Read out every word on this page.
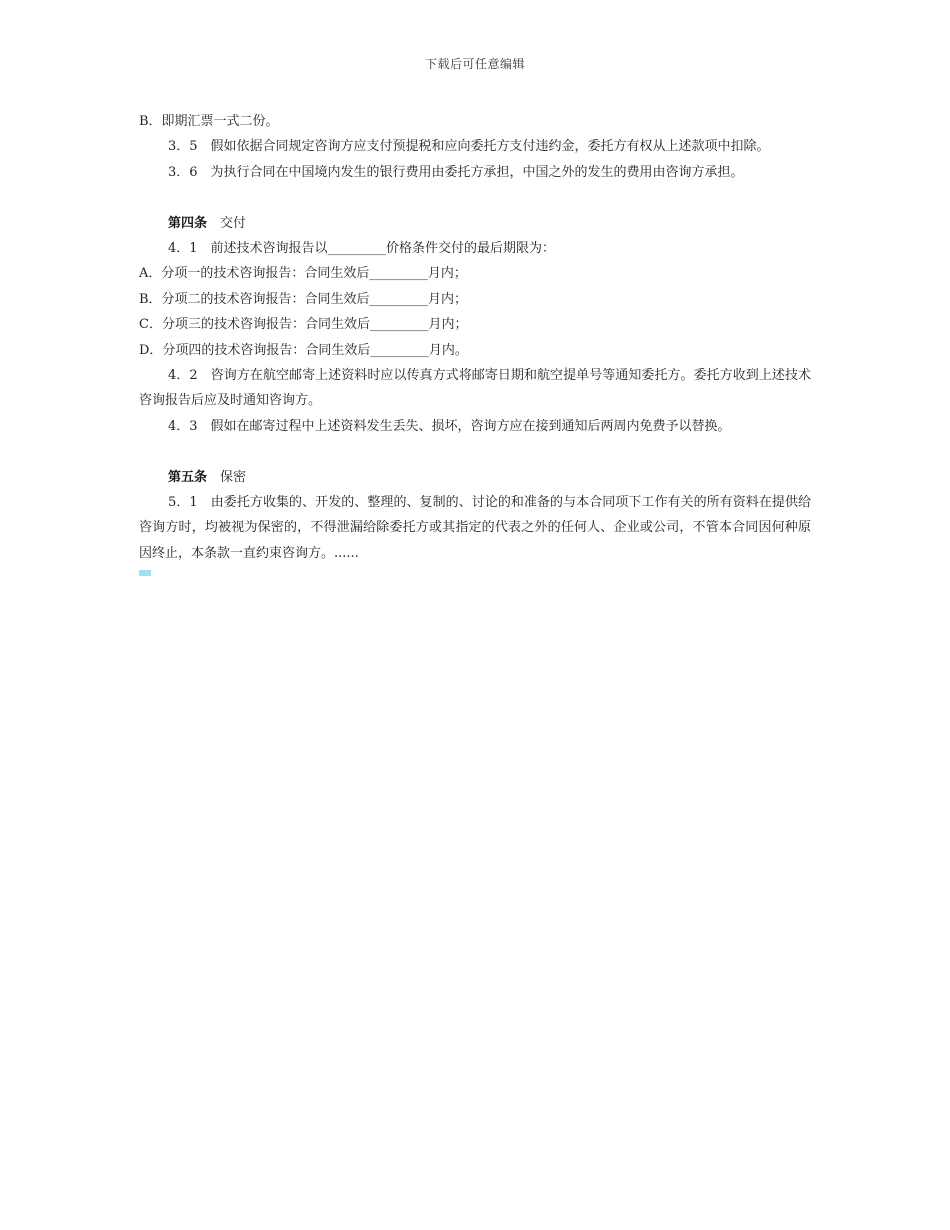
下载后可任意编辑

B．即期汇票一式二份。

3．5　假如依据合同规定咨询方应支付预提税和应向委托方支付违约金，委托方有权从上述款项中扣除。

3．6　为执行合同在中国境内发生的银行费用由委托方承担，中国之外的发生的费用由咨询方承担。

第四条　 交付

4．1　前述技术咨询报告以_________价格条件交付的最后期限为：

A．分项一的技术咨询报告：合同生效后_________月内；

B．分项二的技术咨询报告：合同生效后_________月内；

C．分项三的技术咨询报告：合同生效后_________月内；

D．分项四的技术咨询报告：合同生效后_________月内。

4．2　咨询方在航空邮寄上述资料时应以传真方式将邮寄日期和航空提单号等通知委托方。委托方收到上述技术咨询报告后应及时通知咨询方。

4．3　假如在邮寄过程中上述资料发生丢失、损坏，咨询方应在接到通知后两周内免费予以替换。

第五条　 保密

5．1　由委托方收集的、开发的、整理的、复制的、讨论的和准备的与本合同项下工作有关的所有资料在提供给咨询方时，均被视为保密的，不得泄漏给除委托方或其指定的代表之外的任何人、企业或公司，不管本合同因何种原因终止，本条款一直约束咨询方。......
